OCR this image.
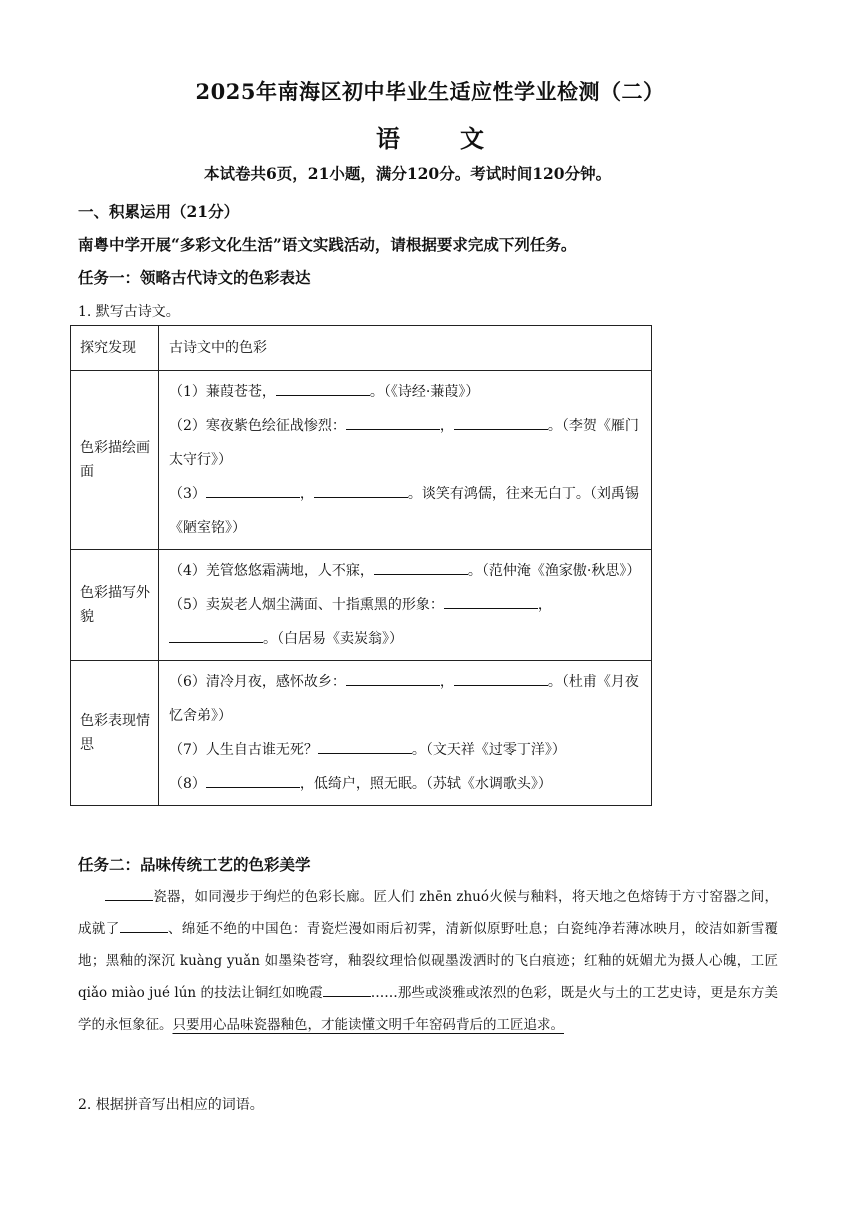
2025年南海区初中毕业生适应性学业检测（二）
语　文
本试卷共6页，21小题，满分120分。考试时间120分钟。
一、积累运用（21分）
南粤中学开展“多彩文化生活”语文实践活动，请根据要求完成下列任务。
任务一：领略古代诗文的色彩表达
1. 默写古诗文。
探究发现	古诗文中的色彩
色彩描绘画面	（1）蒹葭苍苍， 。（《诗经·蒹葭》）
（2）寒夜紫色绘征战惨烈： ， 。（李贺《雁门太守行》）
（3） ， 。谈笑有鸿儒，往来无白丁。（刘禹锡《陋室铭》）

色彩描写外貌	（4）羌管悠悠霜满地，人不寐， 。（范仲淹《渔家傲·秋思》）
（5）卖炭老人烟尘满面、十指熏黑的形象： ，。（白居易《卖炭翁》）

色彩表现情思	（6）清冷月夜，感怀故乡： ， 。（杜甫《月夜忆舍弟》）
（7）人生自古谁无死？ 。（文天祥《过零丁洋》）
（8） ，低绮户，照无眠。（苏轼《水调歌头》）
任务二：品味传统工艺的色彩美学
瓷器，如同漫步于绚烂的色彩长廊。匠人们 zhēn zhuó火候与釉料，将天地之色熔铸于方寸窑器之间，成就了	、绵延不绝的中国色：青瓷烂漫如雨后初霁，清新似原野吐息；白瓷纯净若薄冰映月，皎洁如新雪覆地；黑釉的深沉 kuàng yuǎn 如墨染苍穹，釉裂纹理恰似砚墨泼洒时的飞白痕迹；红釉的妩媚尤为摄人心魄，工匠 qiǎo miào jué lún 的技法让铜红如晚霞	……那些或淡雅或浓烈的色彩，既是火与土的工艺史诗，更是东方美学的永恒象征。只要用心品味瓷器釉色，才能读懂文明千年窑码背后的工匠追求。
2. 根据拼音写出相应的词语。
